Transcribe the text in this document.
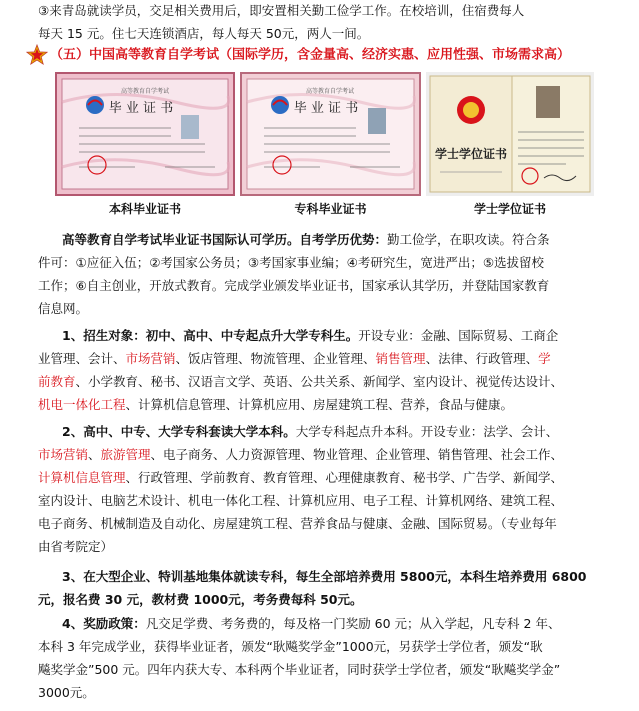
③来青岛就读学员，交足相关费用后，即安置相关勤工俭学工作。在校培训，住宿费每人
每天 15 元。住七天连锁酒店，每人每天 50元，两人一间。

（五）中国高等教育自学考试（国际学历，含金量高、经济实惠、应用性强、市场需求高）
高等教育自学考试
毕 业 证 书
本科毕业证书
高等教育自学考试
毕 业 证 书
专科毕业证书
学士学位证书
学士学位证书

高等教育自学考试毕业证书国际认可学历。自考学历优势：勤工俭学，在职攻读。符合条
件可：①应征入伍；②考国家公务员；③考国家事业编；④考研究生，宽进严出；⑤选拔留校
工作；⑥自主创业，开放式教育。完成学业颁发毕业证书，国家承认其学历，并登陆国家教育
信息网。

1、招生对象：初中、高中、中专起点升大学专科生。开设专业：金融、国际贸易、工商企
业管理、会计、市场营销、饭店管理、物流管理、企业管理、销售管理、法律、行政管理、学
前教育、小学教育、秘书、汉语言文学、英语、公共关系、新闻学、室内设计、视觉传达设计、
机电一体化工程、计算机信息管理、计算机应用、房屋建筑工程、营养，食品与健康。

2、高中、中专、大学专科套读大学本科。大学专科起点升本科。开设专业：法学、会计、
市场营销、旅游管理、电子商务、人力资源管理、物业管理、企业管理、销售管理、社会工作、
计算机信息管理、行政管理、学前教育、教育管理、心理健康教育、秘书学、广告学、新闻学、
室内设计、电脑艺术设计、机电一体化工程、计算机应用、电子工程、计算机网络、建筑工程、
电子商务、机械制造及自动化、房屋建筑工程、营养食品与健康、金融、国际贸易。（专业每年
由省考院定）

3、在大型企业、特训基地集体就读专科，每生全部培养费用 5800元，本科生培养费用 6800
元，报名费 30 元，教材费 1000元，考务费每科 50元。

4、奖励政策：凡交足学费、考务费的，每及格一门奖励 60 元；从入学起，凡专科 2 年、
本科 3 年完成学业，获得毕业证者，颁发“耿飚奖学金”1000元，另获学士学位者，颁发“耿
飚奖学金”500 元。四年内获大专、本科两个毕业证者，同时获学士学位者，颁发“耿飚奖学金”
3000元。
